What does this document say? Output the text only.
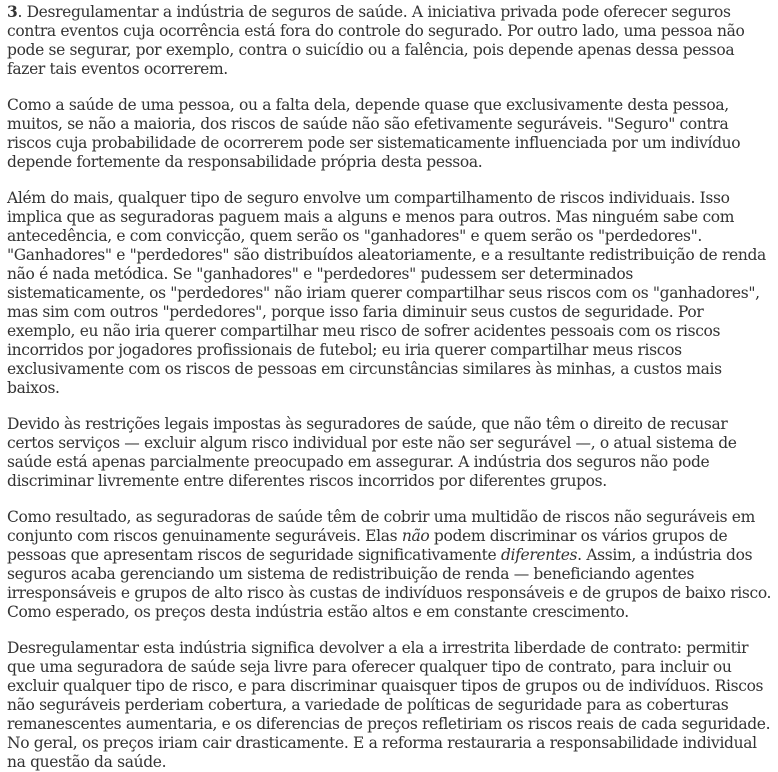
3. Desregulamentar a indústria de seguros de saúde. A iniciativa privada pode oferecer seguros contra eventos cuja ocorrência está fora do controle do segurado. Por outro lado, uma pessoa não pode se segurar, por exemplo, contra o suicídio ou a falência, pois depende apenas dessa pessoa fazer tais eventos ocorrerem.

Como a saúde de uma pessoa, ou a falta dela, depende quase que exclusivamente desta pessoa, muitos, se não a maioria, dos riscos de saúde não são efetivamente seguráveis. "Seguro" contra riscos cuja probabilidade de ocorrerem pode ser sistematicamente influenciada por um indivíduo depende fortemente da responsabilidade própria desta pessoa.

Além do mais, qualquer tipo de seguro envolve um compartilhamento de riscos individuais. Isso implica que as seguradoras paguem mais a alguns e menos para outros. Mas ninguém sabe com antecedência, e com convicção, quem serão os "ganhadores" e quem serão os "perdedores". "Ganhadores" e "perdedores" são distribuídos aleatoriamente, e a resultante redistribuição de renda não é nada metódica. Se "ganhadores" e "perdedores" pudessem ser determinados sistematicamente, os "perdedores" não iriam querer compartilhar seus riscos com os "ganhadores", mas sim com outros "perdedores", porque isso faria diminuir seus custos de seguridade. Por exemplo, eu não iria querer compartilhar meu risco de sofrer acidentes pessoais com os riscos incorridos por jogadores profissionais de futebol; eu iria querer compartilhar meus riscos exclusivamente com os riscos de pessoas em circunstâncias similares às minhas, a custos mais baixos.

Devido às restrições legais impostas às seguradores de saúde, que não têm o direito de recusar certos serviços — excluir algum risco individual por este não ser segurável —, o atual sistema de saúde está apenas parcialmente preocupado em assegurar. A indústria dos seguros não pode discriminar livremente entre diferentes riscos incorridos por diferentes grupos.

Como resultado, as seguradoras de saúde têm de cobrir uma multidão de riscos não seguráveis em conjunto com riscos genuinamente seguráveis. Elas não podem discriminar os vários grupos de pessoas que apresentam riscos de seguridade significativamente diferentes. Assim, a indústria dos seguros acaba gerenciando um sistema de redistribuição de renda — beneficiando agentes irresponsáveis e grupos de alto risco às custas de indivíduos responsáveis e de grupos de baixo risco. Como esperado, os preços desta indústria estão altos e em constante crescimento.

Desregulamentar esta indústria significa devolver a ela a irrestrita liberdade de contrato: permitir que uma seguradora de saúde seja livre para oferecer qualquer tipo de contrato, para incluir ou excluir qualquer tipo de risco, e para discriminar quaisquer tipos de grupos ou de indivíduos. Riscos não seguráveis perderiam cobertura, a variedade de políticas de seguridade para as coberturas remanescentes aumentaria, e os diferencias de preços refletiriam os riscos reais de cada seguridade. No geral, os preços iriam cair drasticamente. E a reforma restauraria a responsabilidade individual na questão da saúde.
